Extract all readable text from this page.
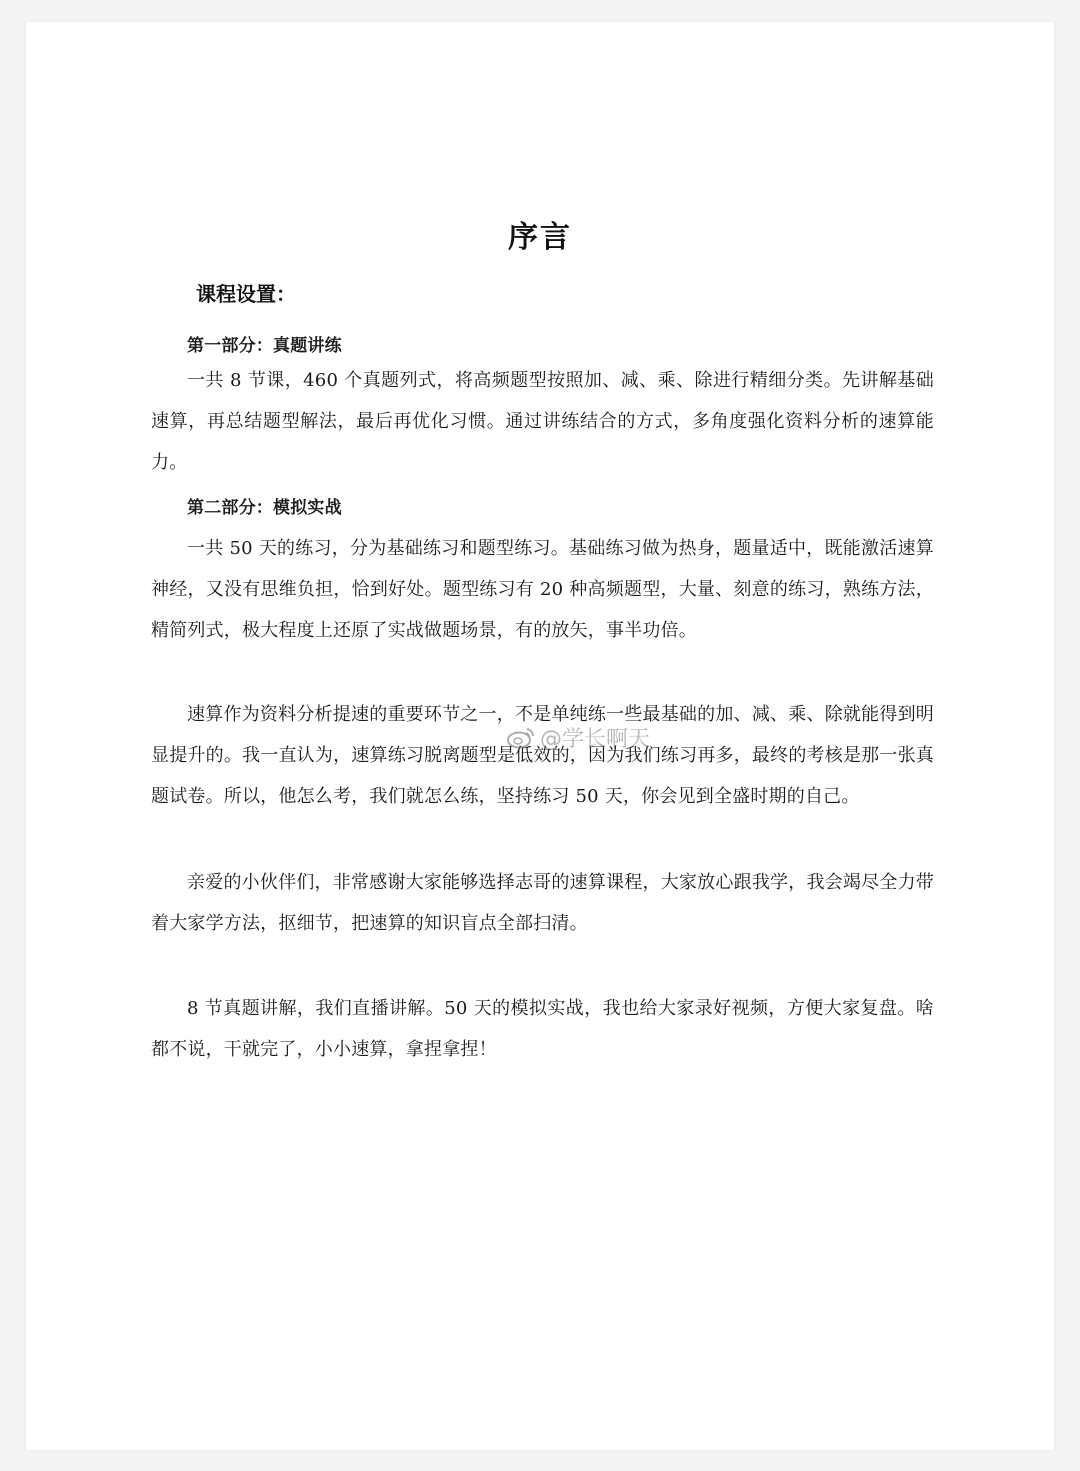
序言
课程设置：

第一部分：真题讲练

一共 8 节课，460 个真题列式，将高频题型按照加、减、乘、除进行精细分类。先讲解基础速算，再总结题型解法，最后再优化习惯。通过讲练结合的方式，多角度强化资料分析的速算能力。

第二部分：模拟实战

一共 50 天的练习，分为基础练习和题型练习。基础练习做为热身，题量适中，既能激活速算神经，又没有思维负担，恰到好处。题型练习有 20 种高频题型，大量、刻意的练习，熟练方法，精简列式，极大程度上还原了实战做题场景，有的放矢，事半功倍。

速算作为资料分析提速的重要环节之一，不是单纯练一些最基础的加、减、乘、除就能得到明显提升的。我一直认为，速算练习脱离题型是低效的，因为我们练习再多，最终的考核是那一张真题试卷。所以，他怎么考，我们就怎么练，坚持练习 50 天，你会见到全盛时期的自己。

亲爱的小伙伴们，非常感谢大家能够选择志哥的速算课程，大家放心跟我学，我会竭尽全力带着大家学方法，抠细节，把速算的知识盲点全部扫清。

8 节真题讲解，我们直播讲解。50 天的模拟实战，我也给大家录好视频，方便大家复盘。啥都不说，干就完了，小小速算，拿捏拿捏！

@学长啊天
